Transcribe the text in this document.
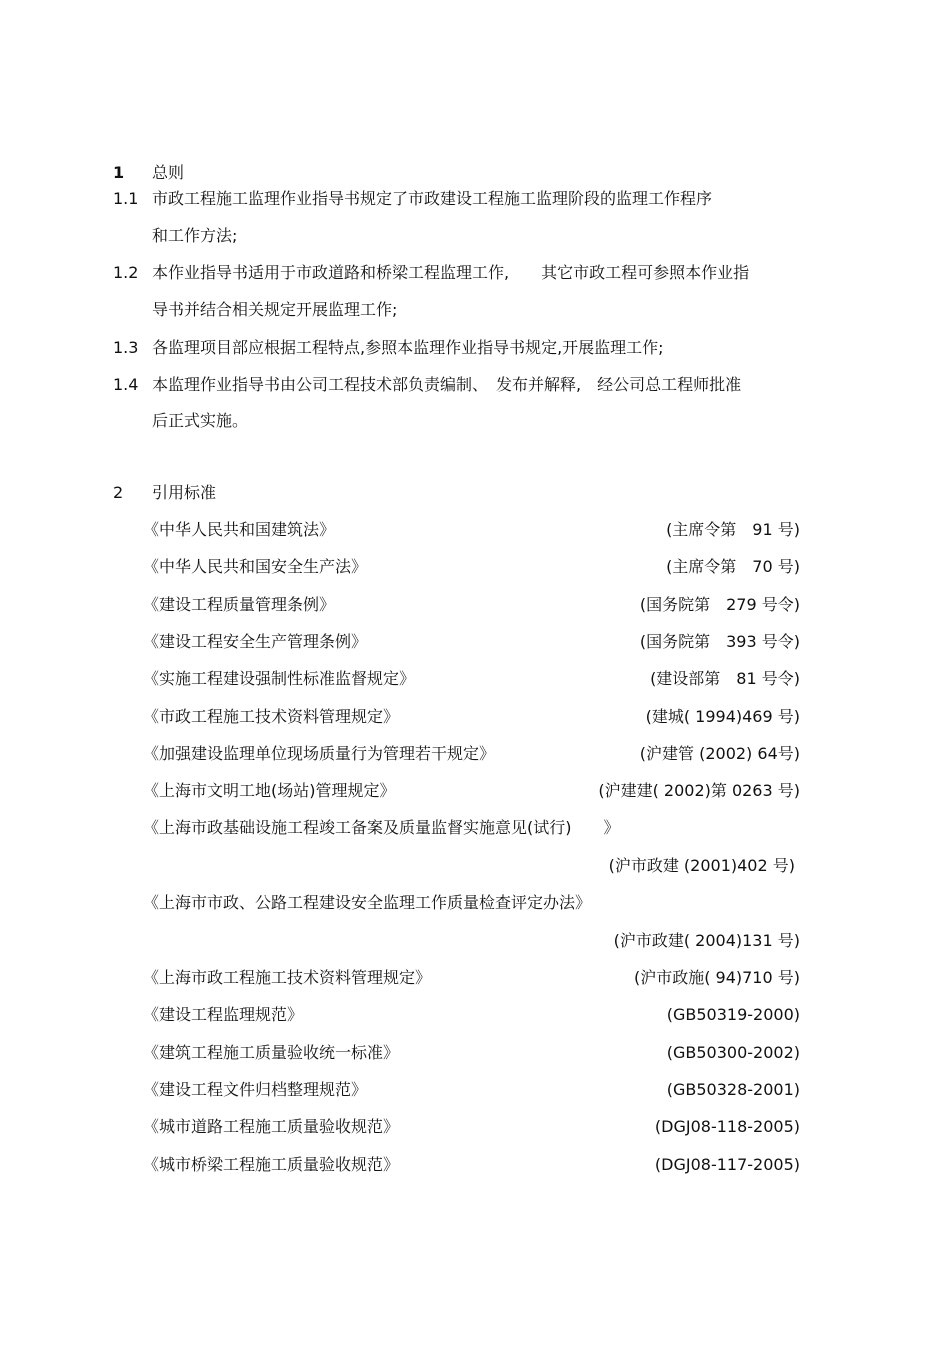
1 总则
1.1 市政工程施工监理作业指导书规定了市政建设工程施工监理阶段的监理工作程序
和工作方法;
1.2 本作业指导书适用于市政道路和桥梁工程监理工作,　　其它市政工程可参照本作业指
导书并结合相关规定开展监理工作;
1.3 各监理项目部应根据工程特点,参照本监理作业指导书规定,开展监理工作;
1.4 本监理作业指导书由公司工程技术部负责编制、　发布并解释,　经公司总工程师批准
后正式实施。
2 引用标准
《中华人民共和国建筑法》	(主席令第　91 号)
《中华人民共和国安全生产法》	(主席令第　70 号)
《建设工程质量管理条例》	(国务院第　279 号令)
《建设工程安全生产管理条例》	(国务院第　393 号令)
《实施工程建设强制性标准监督规定》	(建设部第　81 号令)
《市政工程施工技术资料管理规定》	(建城( 1994)469 号)
《加强建设监理单位现场质量行为管理若干规定》	(沪建管 (2002) 64号)
《上海市文明工地(场站)管理规定》	(沪建建( 2002)第 0263 号)
《上海市政基础设施工程竣工备案及质量监督实施意见(试行)　　》
(沪市政建 (2001)402 号)
《上海市市政、公路工程建设安全监理工作质量检查评定办法》
(沪市政建( 2004)131 号)
《上海市政工程施工技术资料管理规定》	(沪市政施( 94)710 号)
《建设工程监理规范》	(GB50319-2000)
《建筑工程施工质量验收统一标准》	(GB50300-2002)
《建设工程文件归档整理规范》	(GB50328-2001)
《城市道路工程施工质量验收规范》	(DGJ08-118-2005)
《城市桥梁工程施工质量验收规范》	(DGJ08-117-2005)
